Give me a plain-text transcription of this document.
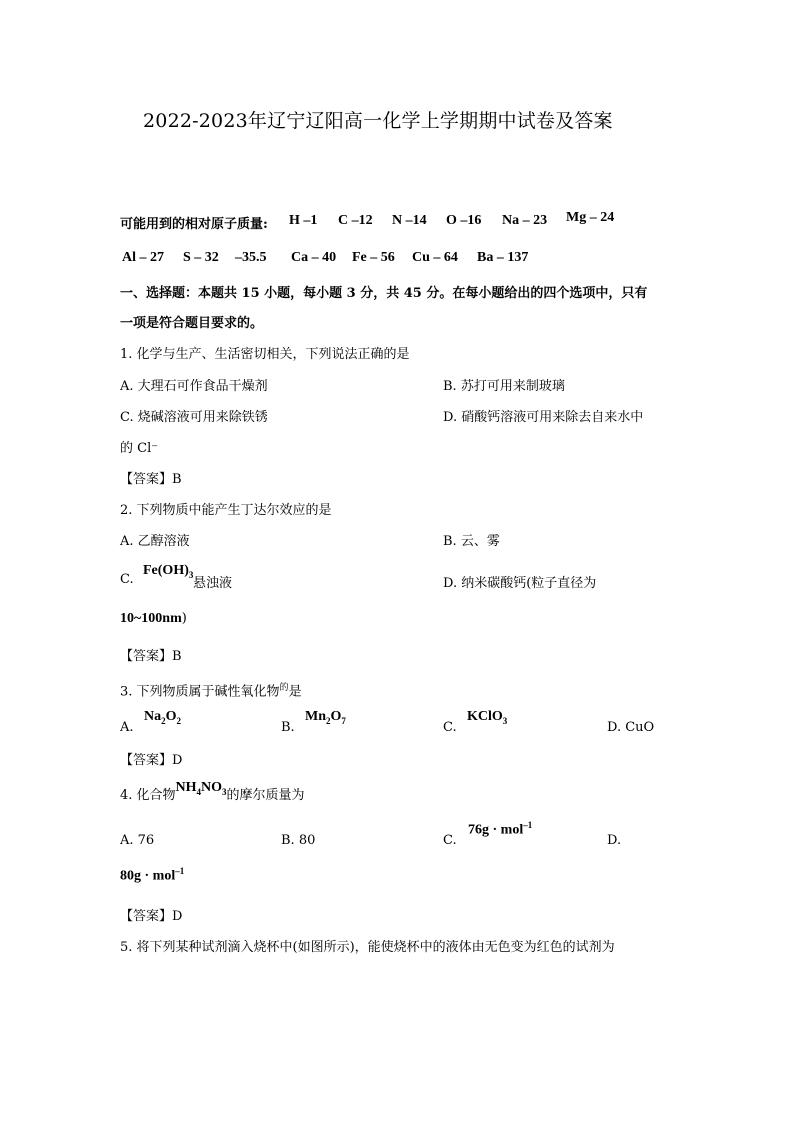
2022-2023年辽宁辽阳高一化学上学期期中试卷及答案
可能用到的相对原子质量: H –1 C –12 N –14 O –16 Na – 23 Mg – 24
Al – 27 S – 32 –35.5 Ca – 40 Fe – 56 Cu – 64 Ba – 137
一、选择题：本题共 15 小题，每小题 3 分，共 45 分。在每小题给出的四个选项中，只有
一项是符合题目要求的。
1. 化学与生产、生活密切相关，下列说法正确的是
A. 大理石可作食品干燥剂	B. 苏打可用来制玻璃
C. 烧碱溶液可用来除铁锈	D. 硝酸钙溶液可用来除去自来水中
的 Cl⁻
【答案】B
2. 下列物质中能产生丁达尔效应的是
A. 乙醇溶液	B. 云、雾
C.
$Fe(OH)_3$
悬浊液	D. 纳米碳酸钙(粒子直径为
10~100nm)
【答案】B
3. 下列物质属于碱性氧化物$^的$是
A.
$Na_2O_2$	B.
$Mn_2O_7$	C.
KClO$_3$	D. CuO
【答案】D
4. 化合物$NH_4NO_3$的摩尔质量为
A. 76	B. 80	C.
76g · mol$^{-1}$
D.
80g · mol$^{-1}$
【答案】D
5. 将下列某种试剂滴入烧杯中(如图所示)，能使烧杯中的液体由无色变为红色的试剂为
